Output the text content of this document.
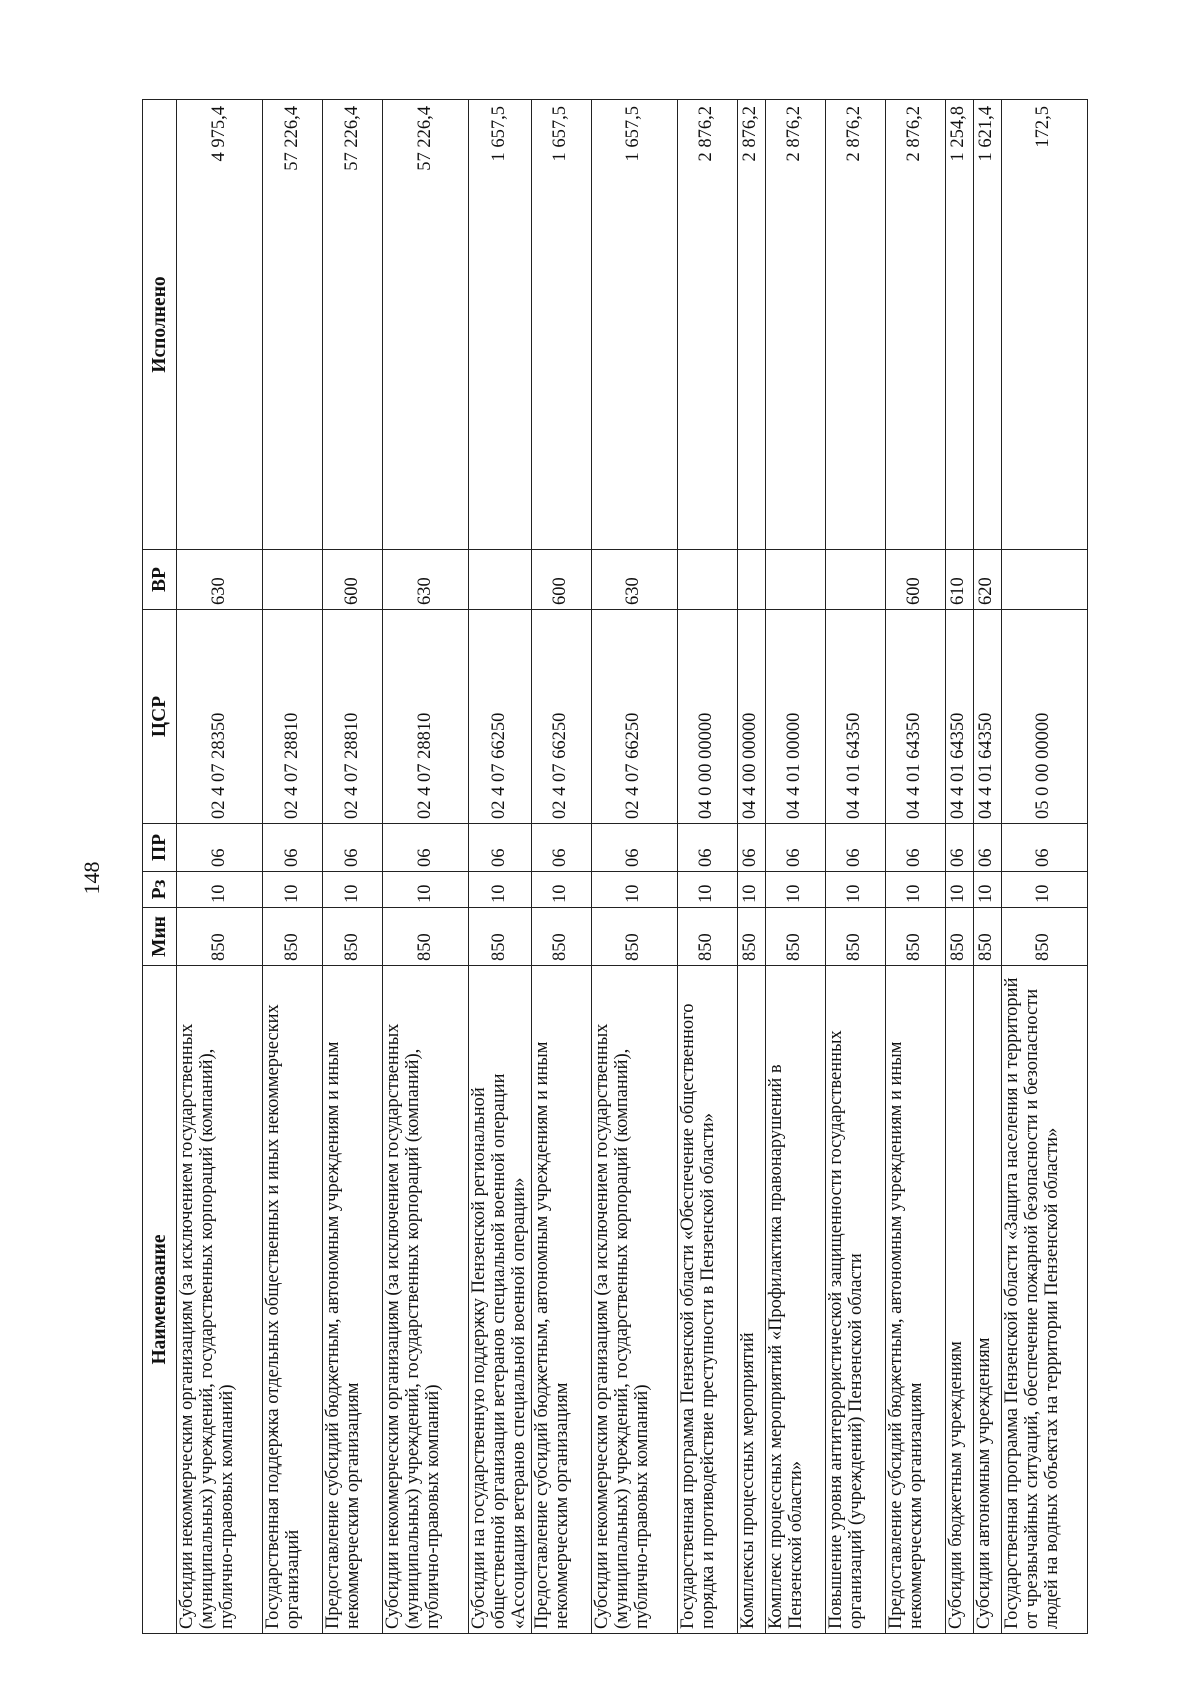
148
Наименование	Мин	Рз	ПР	ЦСР	ВР	Исполнено
Субсидии некоммерческим организациям (за исключением государственных (муниципальных) учреждений, государственных корпораций (компаний), публично-правовых компаний)	850	10	06	02 4 07 28350	630	4 975,4
Государственная поддержка отдельных общественных и иных некоммерческих организаций	850	10	06	02 4 07 28810		57 226,4
Предоставление субсидий бюджетным, автономным учреждениям и иным некоммерческим организациям	850	10	06	02 4 07 28810	600	57 226,4
Субсидии некоммерческим организациям (за исключением государственных (муниципальных) учреждений, государственных корпораций (компаний), публично-правовых компаний)	850	10	06	02 4 07 28810	630	57 226,4
Субсидии на государственную поддержку Пензенской региональной общественной организации ветеранов специальной военной операции «Ассоциация ветеранов специальной военной операции»	850	10	06	02 4 07 66250		1 657,5
Предоставление субсидий бюджетным, автономным учреждениям и иным некоммерческим организациям	850	10	06	02 4 07 66250	600	1 657,5
Субсидии некоммерческим организациям (за исключением государственных (муниципальных) учреждений, государственных корпораций (компаний), публично-правовых компаний)	850	10	06	02 4 07 66250	630	1 657,5
Государственная программа Пензенской области «Обеспечение общественного порядка и противодействие преступности в Пензенской области»	850	10	06	04 0 00 00000		2 876,2
Комплексы процессных мероприятий	850	10	06	04 4 00 00000		2 876,2
Комплекс процессных мероприятий «Профилактика правонарушений в Пензенской области»	850	10	06	04 4 01 00000		2 876,2
Повышение уровня антитеррористической защищенности государственных организаций (учреждений) Пензенской области	850	10	06	04 4 01 64350		2 876,2
Предоставление субсидий бюджетным, автономным учреждениям и иным некоммерческим организациям	850	10	06	04 4 01 64350	600	2 876,2
Субсидии бюджетным учреждениям	850	10	06	04 4 01 64350	610	1 254,8
Субсидии автономным учреждениям	850	10	06	04 4 01 64350	620	1 621,4
Государственная программа Пензенской области «Защита населения и территорий от чрезвычайных ситуаций, обеспечение пожарной безопасности и безопасности людей на водных объектах на территории Пензенской области»	850	10	06	05 0 00 00000		172,5
